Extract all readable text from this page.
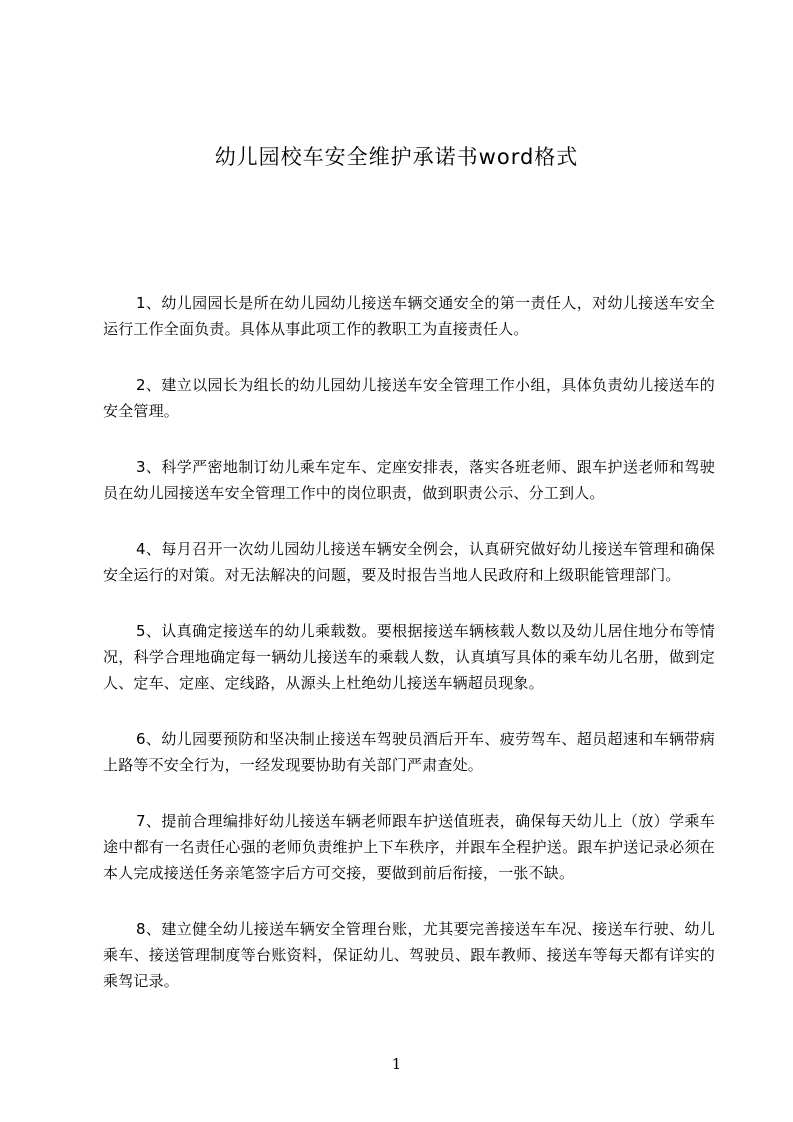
幼儿园校车安全维护承诺书word格式

1、幼儿园园长是所在幼儿园幼儿接送车辆交通安全的第一责任人，对幼儿接送车安全运行工作全面负责。具体从事此项工作的教职工为直接责任人。

2、建立以园长为组长的幼儿园幼儿接送车安全管理工作小组，具体负责幼儿接送车的安全管理。

3、科学严密地制订幼儿乘车定车、定座安排表，落实各班老师、跟车护送老师和驾驶员在幼儿园接送车安全管理工作中的岗位职责，做到职责公示、分工到人。

4、每月召开一次幼儿园幼儿接送车辆安全例会，认真研究做好幼儿接送车管理和确保安全运行的对策。对无法解决的问题，要及时报告当地人民政府和上级职能管理部门。

5、认真确定接送车的幼儿乘载数。要根据接送车辆核载人数以及幼儿居住地分布等情况，科学合理地确定每一辆幼儿接送车的乘载人数，认真填写具体的乘车幼儿名册，做到定人、定车、定座、定线路，从源头上杜绝幼儿接送车辆超员现象。

6、幼儿园要预防和坚决制止接送车驾驶员酒后开车、疲劳驾车、超员超速和车辆带病上路等不安全行为，一经发现要协助有关部门严肃查处。

7、提前合理编排好幼儿接送车辆老师跟车护送值班表，确保每天幼儿上（放）学乘车途中都有一名责任心强的老师负责维护上下车秩序，并跟车全程护送。跟车护送记录必须在本人完成接送任务亲笔签字后方可交接，要做到前后衔接，一张不缺。

8、建立健全幼儿接送车辆安全管理台账，尤其要完善接送车车况、接送车行驶、幼儿乘车、接送管理制度等台账资料，保证幼儿、驾驶员、跟车教师、接送车等每天都有详实的乘驾记录。

1
